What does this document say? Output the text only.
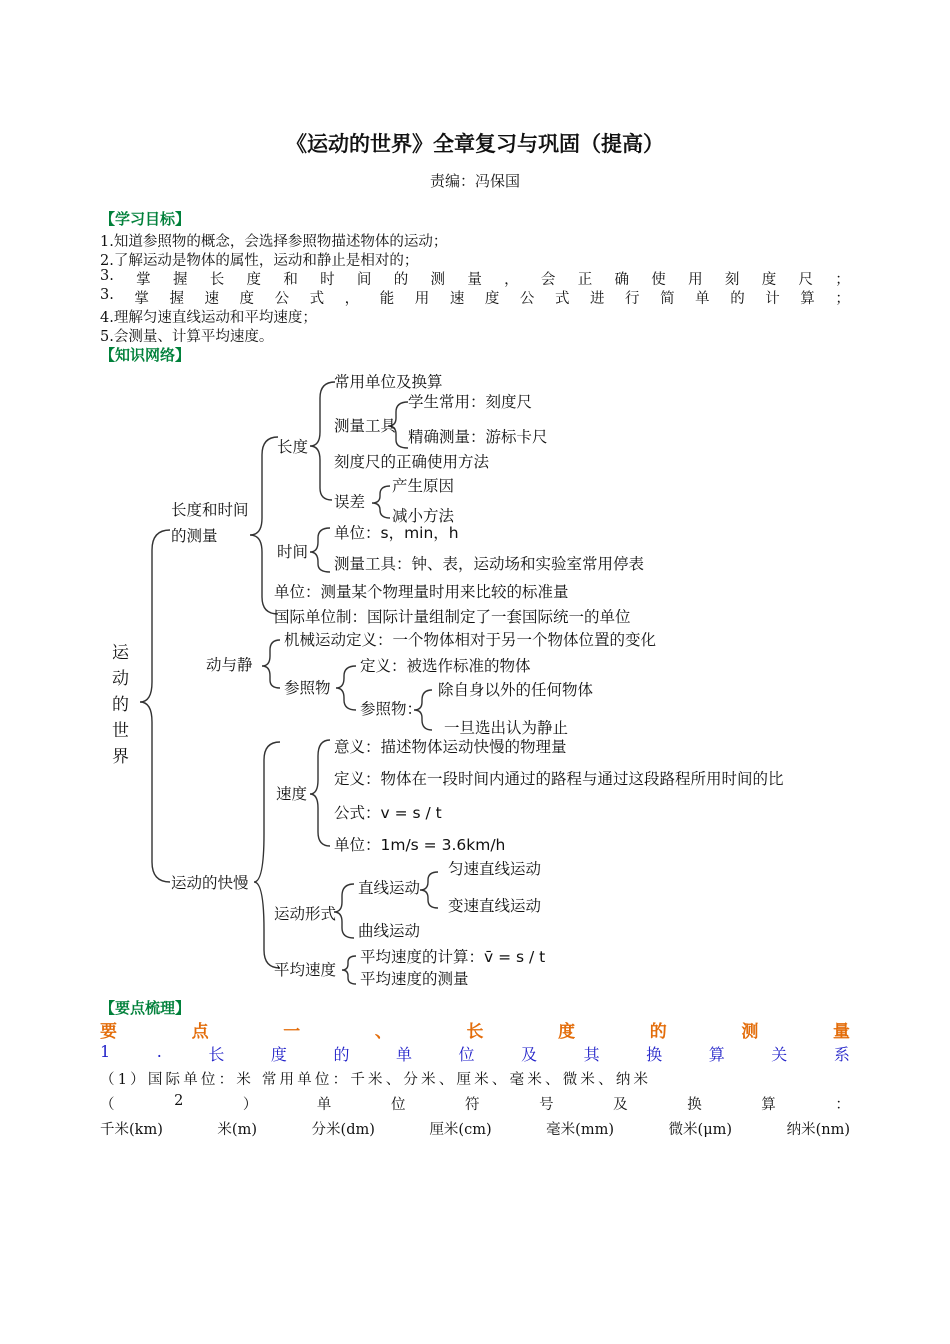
《运动的世界》全章复习与巩固（提高）
责编：冯保国
【学习目标】
1.知道参照物的概念，会选择参照物描述物体的运动；
2.了解运动是物体的属性，运动和静止是相对的；
3. 掌 握 长 度 和 时 间 的 测 量 ， 会 正 确 使 用 刻 度 尺 ；
3. 掌 握 速 度 公 式 ， 能 用 速 度 公 式 进 行 简 单 的 计 算 ；
4.理解匀速直线运动和平均速度；
5.会测量、计算平均速度。
【知识网络】
运
动
的
世
界
长度和时间
的测量
长度
常用单位及换算
测量工具
学生常用：刻度尺
精确测量：游标卡尺
刻度尺的正确使用方法
误差
产生原因
减小方法
时间
单位：s，min，h
测量工具：钟、表，运动场和实验室常用停表
单位：测量某个物理量时用来比较的标准量
国际单位制：国际计量组制定了一套国际统一的单位
动与静
机械运动定义：一个物体相对于另一个物体位置的变化
参照物
定义：被选作标准的物体
参照物：
除自身以外的任何物体
一旦选出认为静止
运动的快慢
速度
意义：描述物体运动快慢的物理量
定义：物体在一段时间内通过的路程与通过这段路程所用时间的比
公式：v = s / t
单位：1m/s = 3.6km/h
运动形式
直线运动
匀速直线运动
变速直线运动
曲线运动
平均速度
平均速度的计算：v̄ = s / t
平均速度的测量
【要点梳理】
要	点	一	、	长	度	的	测	量
1	.	长	度	的	单	位	及	其	换	算	关	系
（1）国际单位：米 常用单位：千米、分米、厘米、毫米、微米、纳米
（	2	）	单	位	符	号	及	换	算	：
千米(km)	米(m)	分米(dm)	厘米(cm)	毫米(mm)	微米(μm)	纳米(nm)
